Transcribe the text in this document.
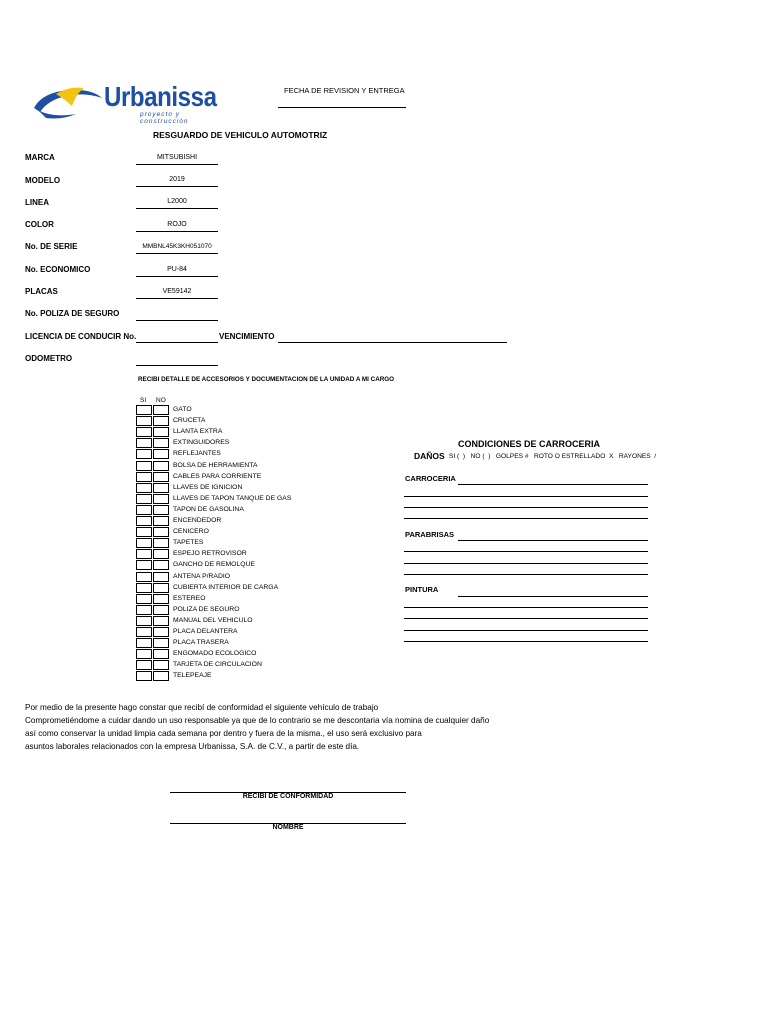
Urbanissa
proyecto y construcción
FECHA DE REVISION Y ENTREGA
RESGUARDO DE VEHICULO AUTOMOTRIZ
MARCA	MITSUBISHI
MODELO	2019
LINEA	L2000
COLOR	ROJO
No. DE SERIE	MMBNL45K3KH051070
No. ECONOMICO	PU-84
PLACAS	VE59142
No. POLIZA DE SEGURO
LICENCIA DE CONDUCIR No.	VENCIMIENTO
ODOMETRO
RECIBI DETALLE DE ACCESORIOS Y DOCUMENTACION DE LA UNIDAD A MI CARGO
SI NO
GATO
CRUCETA
LLANTA EXTRA
EXTINGUIDORES
REFLEJANTES
BOLSA DE HERRAMIENTA
CABLES PARA CORRIENTE
LLAVES DE IGNICION
LLAVES DE TAPON TANQUE DE GAS
TAPON DE GASOLINA
ENCENDEDOR
CENICERO
TAPETES
ESPEJO RETROVISOR
GANCHO DE REMOLQUE
ANTENA P/RADIO
CUBIERTA INTERIOR DE CARGA
ESTEREO
POLIZA DE SEGURO
MANUAL DEL VEHICULO
PLACA DELANTERA
PLACA TRASERA
ENGOMADO ECOLOGICO
TARJETA DE CIRCULACION
TELEPEAJE
CONDICIONES DE CARROCERIA
DAÑOS SI (  )   NO (  )   GOLPES #   ROTO O ESTRELLADO  X   RAYONES  /
CARROCERIA
PARABRISAS
PINTURA
Por medio de la presente hago constar que recibí de conformidad el siguiente vehículo de trabajo
Comprometiéndome a cuidar dando un uso responsable ya que de lo contrario se me descontaria vía nomina de cualquier daño
así como conservar la unidad limpia cada semana por dentro y fuera de la misma., el uso será exclusivo para
asuntos laborales relacionados con la empresa Urbanissa, S.A. de C.V., a partir de este día.
RECIBI DE CONFORMIDAD
NOMBRE
